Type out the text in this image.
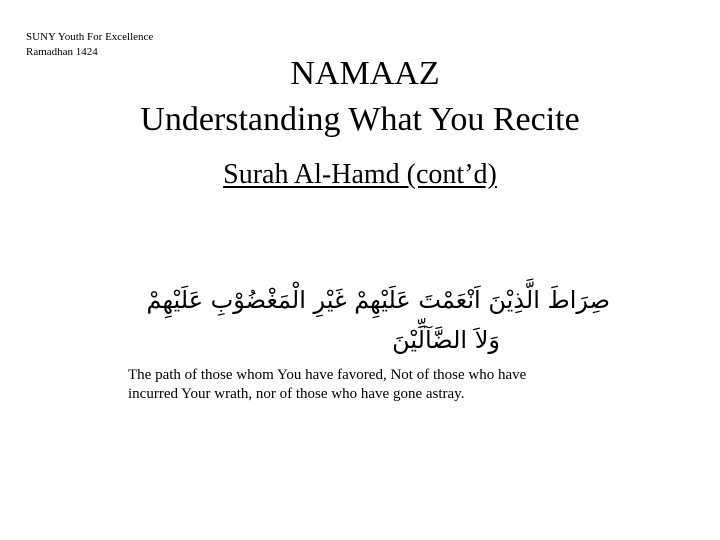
SUNY Youth For Excellence
Ramadhan 1424
NAMAAZ
Understanding What You Recite
Surah Al-Hamd (cont’d)
صِرَاطَ الَّذِيْنَ اَنْعَمْتَ عَلَيْهِمْ غَيْرِ الْمَغْضُوْبِ عَلَيْهِمْ
وَلاَ الضَّآلِّيْنَ
The path of those whom You have favored, Not of those who have
incurred Your wrath, nor of those who have gone astray.
